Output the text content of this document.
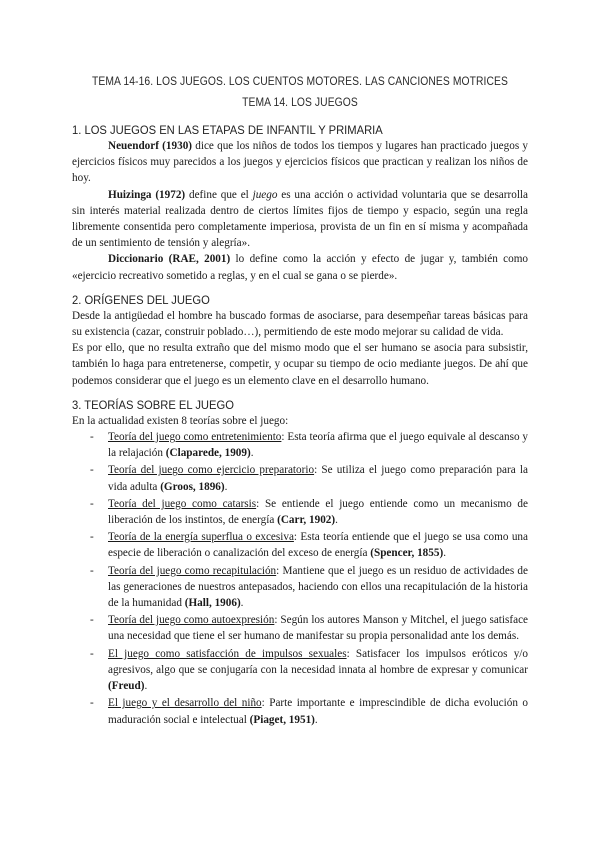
TEMA 14-16. LOS JUEGOS. LOS CUENTOS MOTORES. LAS CANCIONES MOTRICES
TEMA 14. LOS JUEGOS
1. LOS JUEGOS EN LAS ETAPAS DE INFANTIL Y PRIMARIA

Neuendorf (1930) dice que los niños de todos los tiempos y lugares han practicado juegos y ejercicios físicos muy parecidos a los juegos y ejercicios físicos que practican y realizan los niños de hoy.

Huizinga (1972) define que el juego es una acción o actividad voluntaria que se desarrolla sin interés material realizada dentro de ciertos límites fijos de tiempo y espacio, según una regla libremente consentida pero completamente imperiosa, provista de un fin en sí misma y acompañada de un sentimiento de tensión y alegría».

Diccionario (RAE, 2001) lo define como la acción y efecto de jugar y, también como «ejercicio recreativo sometido a reglas, y en el cual se gana o se pierde».

2. ORÍGENES DEL JUEGO

Desde la antigüedad el hombre ha buscado formas de asociarse, para desempeñar tareas básicas para su existencia (cazar, construir poblado…), permitiendo de este modo mejorar su calidad de vida.

Es por ello, que no resulta extraño que del mismo modo que el ser humano se asocia para subsistir, también lo haga para entretenerse, competir, y ocupar su tiempo de ocio mediante juegos. De ahí que podemos considerar que el juego es un elemento clave en el desarrollo humano.

3. TEORÍAS SOBRE EL JUEGO

En la actualidad existen 8 teorías sobre el juego:

- Teoría del juego como entretenimiento: Esta teoría afirma que el juego equivale al descanso y la relajación (Claparede, 1909).
- Teoría del juego como ejercicio preparatorio: Se utiliza el juego como preparación para la vida adulta (Groos, 1896).
- Teoría del juego como catarsis: Se entiende el juego entiende como un mecanismo de liberación de los instintos, de energía (Carr, 1902).
- Teoría de la energía superflua o excesiva: Esta teoría entiende que el juego se usa como una especie de liberación o canalización del exceso de energía (Spencer, 1855).
- Teoría del juego como recapitulación: Mantiene que el juego es un residuo de actividades de las generaciones de nuestros antepasados, haciendo con ellos una recapitulación de la historia de la humanidad (Hall, 1906).
- Teoría del juego como autoexpresión: Según los autores Manson y Mitchel, el juego satisface una necesidad que tiene el ser humano de manifestar su propia personalidad ante los demás.
- El juego como satisfacción de impulsos sexuales: Satisfacer los impulsos eróticos y/o agresivos, algo que se conjugaría con la necesidad innata al hombre de expresar y comunicar (Freud).
- El juego y el desarrollo del niño: Parte importante e imprescindible de dicha evolución o maduración social e intelectual (Piaget, 1951).
